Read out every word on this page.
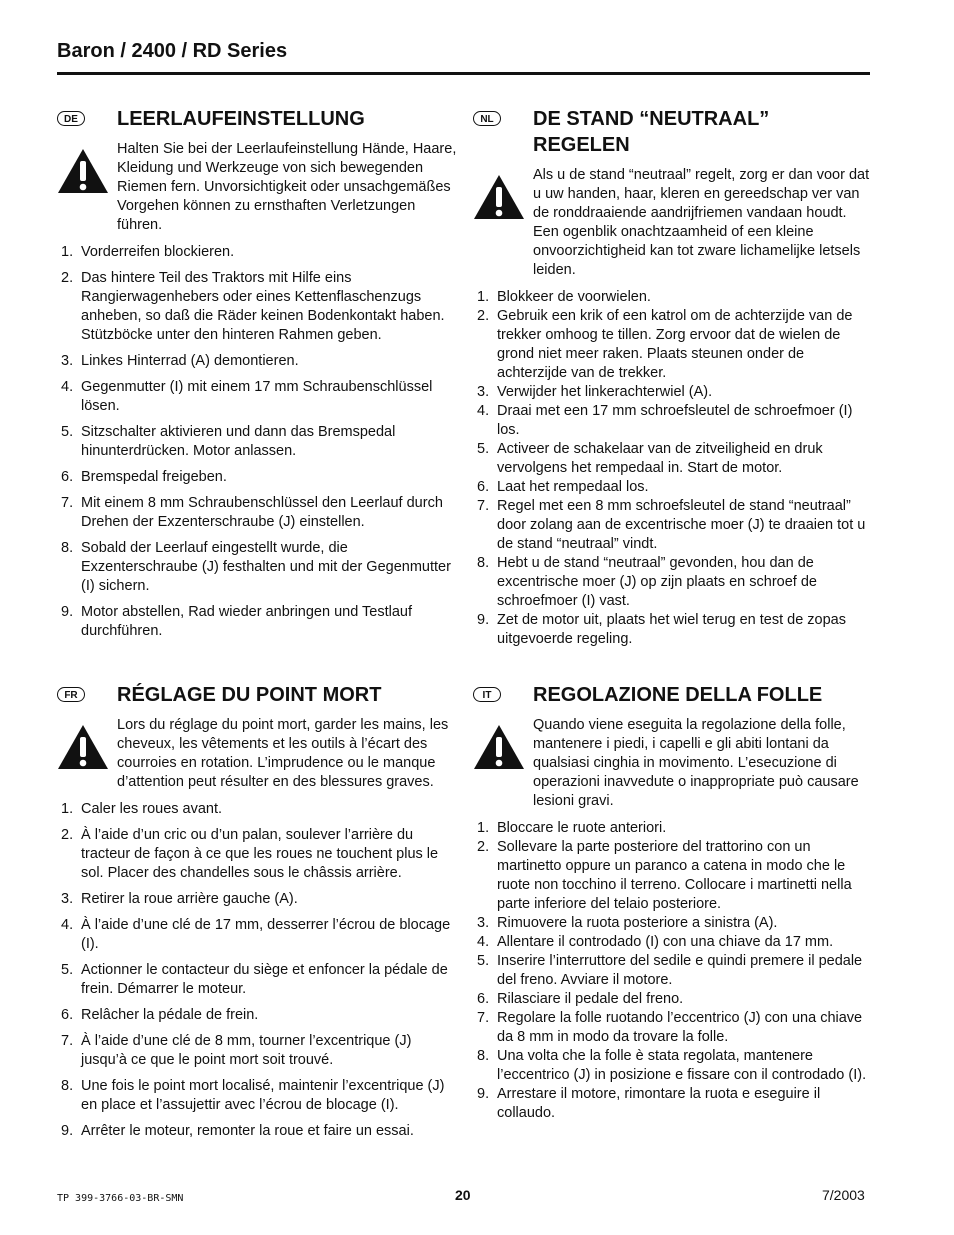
Baron / 2400 / RD Series
DE	LEERLAUFEINSTELLUNG
Halten Sie bei der Leerlaufeinstellung Hände, Haare, Kleidung und Werkzeuge von sich bewegenden Riemen fern. Unvorsichtigkeit oder unsachgemäßes Vorgehen können zu ernsthaften Verletzungen führen.
1. Vorderreifen blockieren.
2. Das hintere Teil des Traktors mit Hilfe eins Rangierwagenhebers oder eines Kettenflaschenzugs anheben, so daß die Räder keinen Bodenkontakt haben. Stützböcke unter den hinteren Rahmen geben.
3. Linkes Hinterrad (A) demontieren.
4. Gegenmutter (I) mit einem 17 mm Schraubenschlüssel lösen.
5. Sitzschalter aktivieren und dann das Bremspedal hinunterdrücken. Motor anlassen.
6. Bremspedal freigeben.
7. Mit einem 8 mm Schraubenschlüssel den Leerlauf durch Drehen der Exzenterschraube (J) einstellen.
8. Sobald der Leerlauf eingestellt wurde, die Exzenterschraube (J) festhalten und mit der Gegenmutter (I) sichern.
9. Motor abstellen, Rad wieder anbringen und Testlauf durchführen.
NL	DE STAND “NEUTRAAL” REGELEN
Als u de stand “neutraal” regelt, zorg er dan voor dat u uw handen, haar, kleren en gereedschap ver van de ronddraaiende aandrijfriemen vandaan houdt. Een ogenblik onachtzaamheid of een kleine onvoorzichtigheid kan tot zware lichamelijke letsels leiden.
1. Blokkeer de voorwielen.
2. Gebruik een krik of een katrol om de achterzijde van de trekker omhoog te tillen. Zorg ervoor dat de wielen de grond niet meer raken. Plaats steunen onder de achterzijde van de trekker.
3. Verwijder het linkerachterwiel (A).
4. Draai met een 17 mm schroefsleutel de schroefmoer (I) los.
5. Activeer de schakelaar van de zitveiligheid en druk vervolgens het rempedaal in. Start de motor.
6. Laat het rempedaal los.
7. Regel met een 8 mm schroefsleutel de stand “neutraal” door zolang aan de excentrische moer (J) te draaien tot u de stand “neutraal” vindt.
8. Hebt u de stand “neutraal” gevonden, hou dan de excentrische moer (J) op zijn plaats en schroef de schroefmoer (I) vast.
9. Zet de motor uit, plaats het wiel terug en test de zopas uitgevoerde regeling.
FR	RÉGLAGE DU POINT MORT
Lors du réglage du point mort, garder les mains, les cheveux, les vêtements et les outils à l’écart des courroies en rotation. L’imprudence ou le manque d’attention peut résulter en des blessures graves.
1. Caler les roues avant.
2. À l’aide d’un cric ou d’un palan, soulever l’arrière du tracteur de façon à ce que les roues ne touchent plus le sol. Placer des chandelles sous le châssis arrière.
3. Retirer la roue arrière gauche (A).
4. À l’aide d’une clé de 17 mm, desserrer l’écrou de blocage (I).
5. Actionner le contacteur du siège et enfoncer la pédale de frein. Démarrer le moteur.
6. Relâcher la pédale de frein.
7. À l’aide d’une clé de 8 mm, tourner l’excentrique (J) jusqu’à ce que le point mort soit trouvé.
8. Une fois le point mort localisé, maintenir l’excentrique (J) en place et l’assujettir avec l’écrou de blocage (I).
9. Arrêter le moteur, remonter la roue et faire un essai.
IT	REGOLAZIONE DELLA FOLLE
Quando viene eseguita la regolazione della folle, mantenere i piedi, i capelli e gli abiti lontani da qualsiasi cinghia in movimento. L’esecuzione di operazioni inavvedute o inappropriate può causare lesioni gravi.
1. Bloccare le ruote anteriori.
2. Sollevare la parte posteriore del trattorino con un martinetto oppure un paranco a catena in modo che le ruote non tocchino il terreno. Collocare i martinetti nella parte inferiore del telaio posteriore.
3. Rimuovere la ruota posteriore a sinistra (A).
4. Allentare il controdado (I) con una chiave da 17 mm.
5. Inserire l’interruttore del sedile e quindi premere il pedale del freno. Avviare il motore.
6. Rilasciare il pedale del freno.
7. Regolare la folle ruotando l’eccentrico (J) con una chiave da 8 mm in modo da trovare la folle.
8. Una volta che la folle è stata regolata, mantenere l’eccentrico (J) in posizione e fissare con il controdado (I).
9. Arrestare il motore, rimontare la ruota e eseguire il collaudo.
TP 399-3766-03-BR-SMN	20	7/2003
